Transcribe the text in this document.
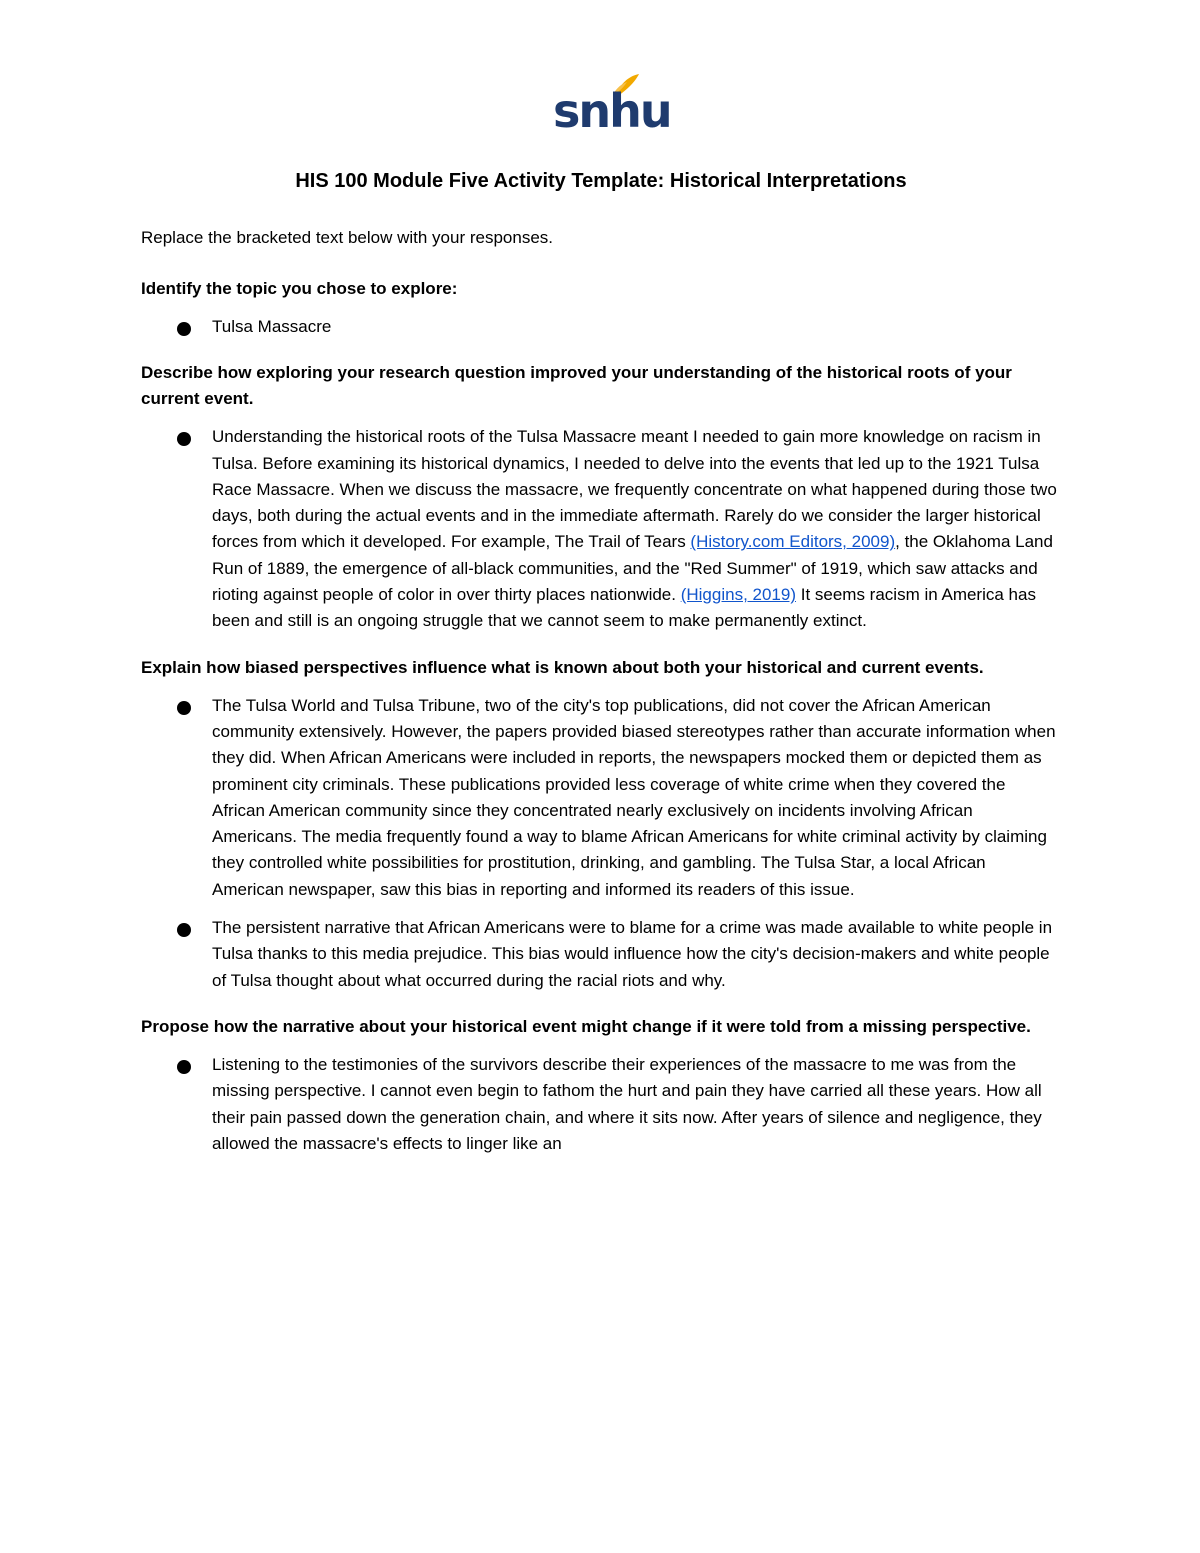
snhu
HIS 100 Module Five Activity Template: Historical Interpretations
Replace the bracketed text below with your responses.
Identify the topic you chose to explore:
Tulsa Massacre
Describe how exploring your research question improved your understanding of the historical roots of your current event.
Understanding the historical roots of the Tulsa Massacre meant I needed to gain more knowledge on racism in Tulsa. Before examining its historical dynamics, I needed to delve into the events that led up to the 1921 Tulsa Race Massacre. When we discuss the massacre, we frequently concentrate on what happened during those two days, both during the actual events and in the immediate aftermath. Rarely do we consider the larger historical forces from which it developed. For example, The Trail of Tears (History.com Editors, 2009), the Oklahoma Land Run of 1889, the emergence of all-black communities, and the "Red Summer" of 1919, which saw attacks and rioting against people of color in over thirty places nationwide. (Higgins, 2019) It seems racism in America has been and still is an ongoing struggle that we cannot seem to make permanently extinct.
Explain how biased perspectives influence what is known about both your historical and current events.
The Tulsa World and Tulsa Tribune, two of the city's top publications, did not cover the African American community extensively. However, the papers provided biased stereotypes rather than accurate information when they did. When African Americans were included in reports, the newspapers mocked them or depicted them as prominent city criminals. These publications provided less coverage of white crime when they covered the African American community since they concentrated nearly exclusively on incidents involving African Americans. The media frequently found a way to blame African Americans for white criminal activity by claiming they controlled white possibilities for prostitution, drinking, and gambling. The Tulsa Star, a local African American newspaper, saw this bias in reporting and informed its readers of this issue.
The persistent narrative that African Americans were to blame for a crime was made available to white people in Tulsa thanks to this media prejudice. This bias would influence how the city's decision-makers and white people of Tulsa thought about what occurred during the racial riots and why.
Propose how the narrative about your historical event might change if it were told from a missing perspective.
Listening to the testimonies of the survivors describe their experiences of the massacre to me was from the missing perspective. I cannot even begin to fathom the hurt and pain they have carried all these years. How all their pain passed down the generation chain, and where it sits now. After years of silence and negligence, they allowed the massacre's effects to linger like an
